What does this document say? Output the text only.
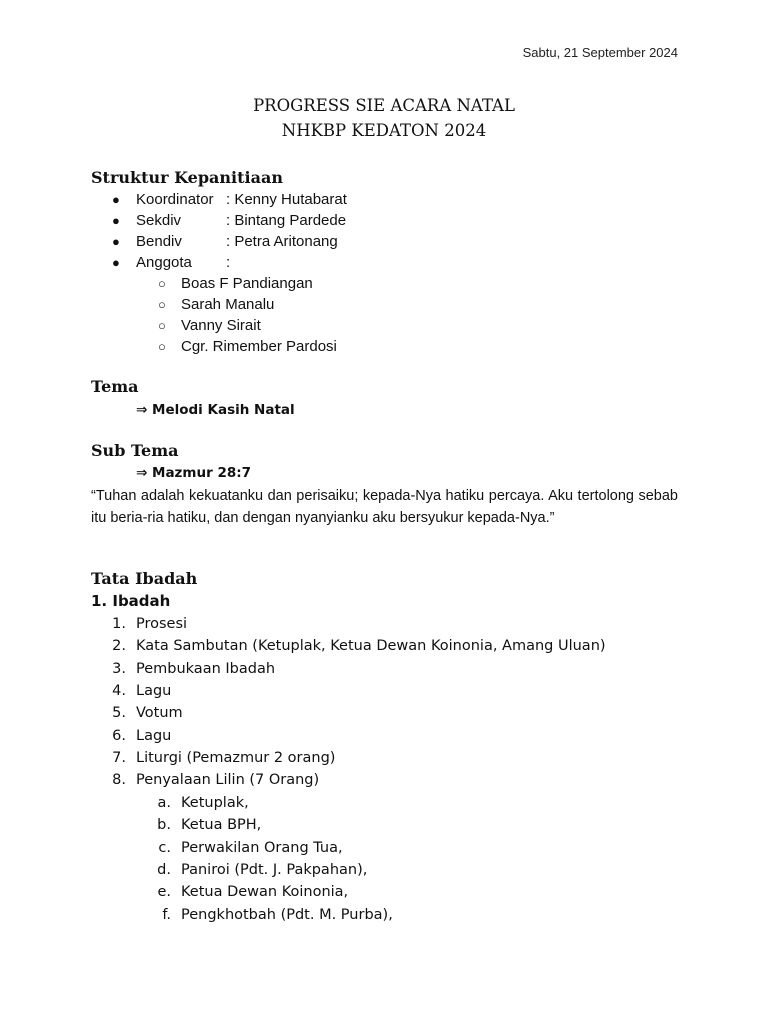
Sabtu, 21 September 2024
PROGRESS SIE ACARA NATAL
NHKBP KEDATON 2024
Struktur Kepanitiaan
● Koordinator : Kenny Hutabarat
● Sekdiv	: Bintang Pardede
● Bendiv	: Petra Aritonang
● Anggota :
○ Boas F Pandiangan
○ Sarah Manalu
○ Vanny Sirait
○ Cgr. Rimember Pardosi
Tema
⇒ Melodi Kasih Natal
Sub Tema
⇒ Mazmur 28:7
“Tuhan adalah kekuatanku dan perisaiku; kepada-Nya hatiku percaya. Aku tertolong sebab itu beria-ria hatiku, dan dengan nyanyianku aku bersyukur kepada-Nya.”
Tata Ibadah
1. Ibadah
1. Prosesi
2. Kata Sambutan (Ketuplak, Ketua Dewan Koinonia, Amang Uluan)
3. Pembukaan Ibadah
4. Lagu
5. Votum
6. Lagu
7. Liturgi (Pemazmur 2 orang)
8. Penyalaan Lilin (7 Orang)
a. Ketuplak,
b. Ketua BPH,
c. Perwakilan Orang Tua,
d. Paniroi (Pdt. J. Pakpahan),
e. Ketua Dewan Koinonia,
f. Pengkhotbah (Pdt. M. Purba),
